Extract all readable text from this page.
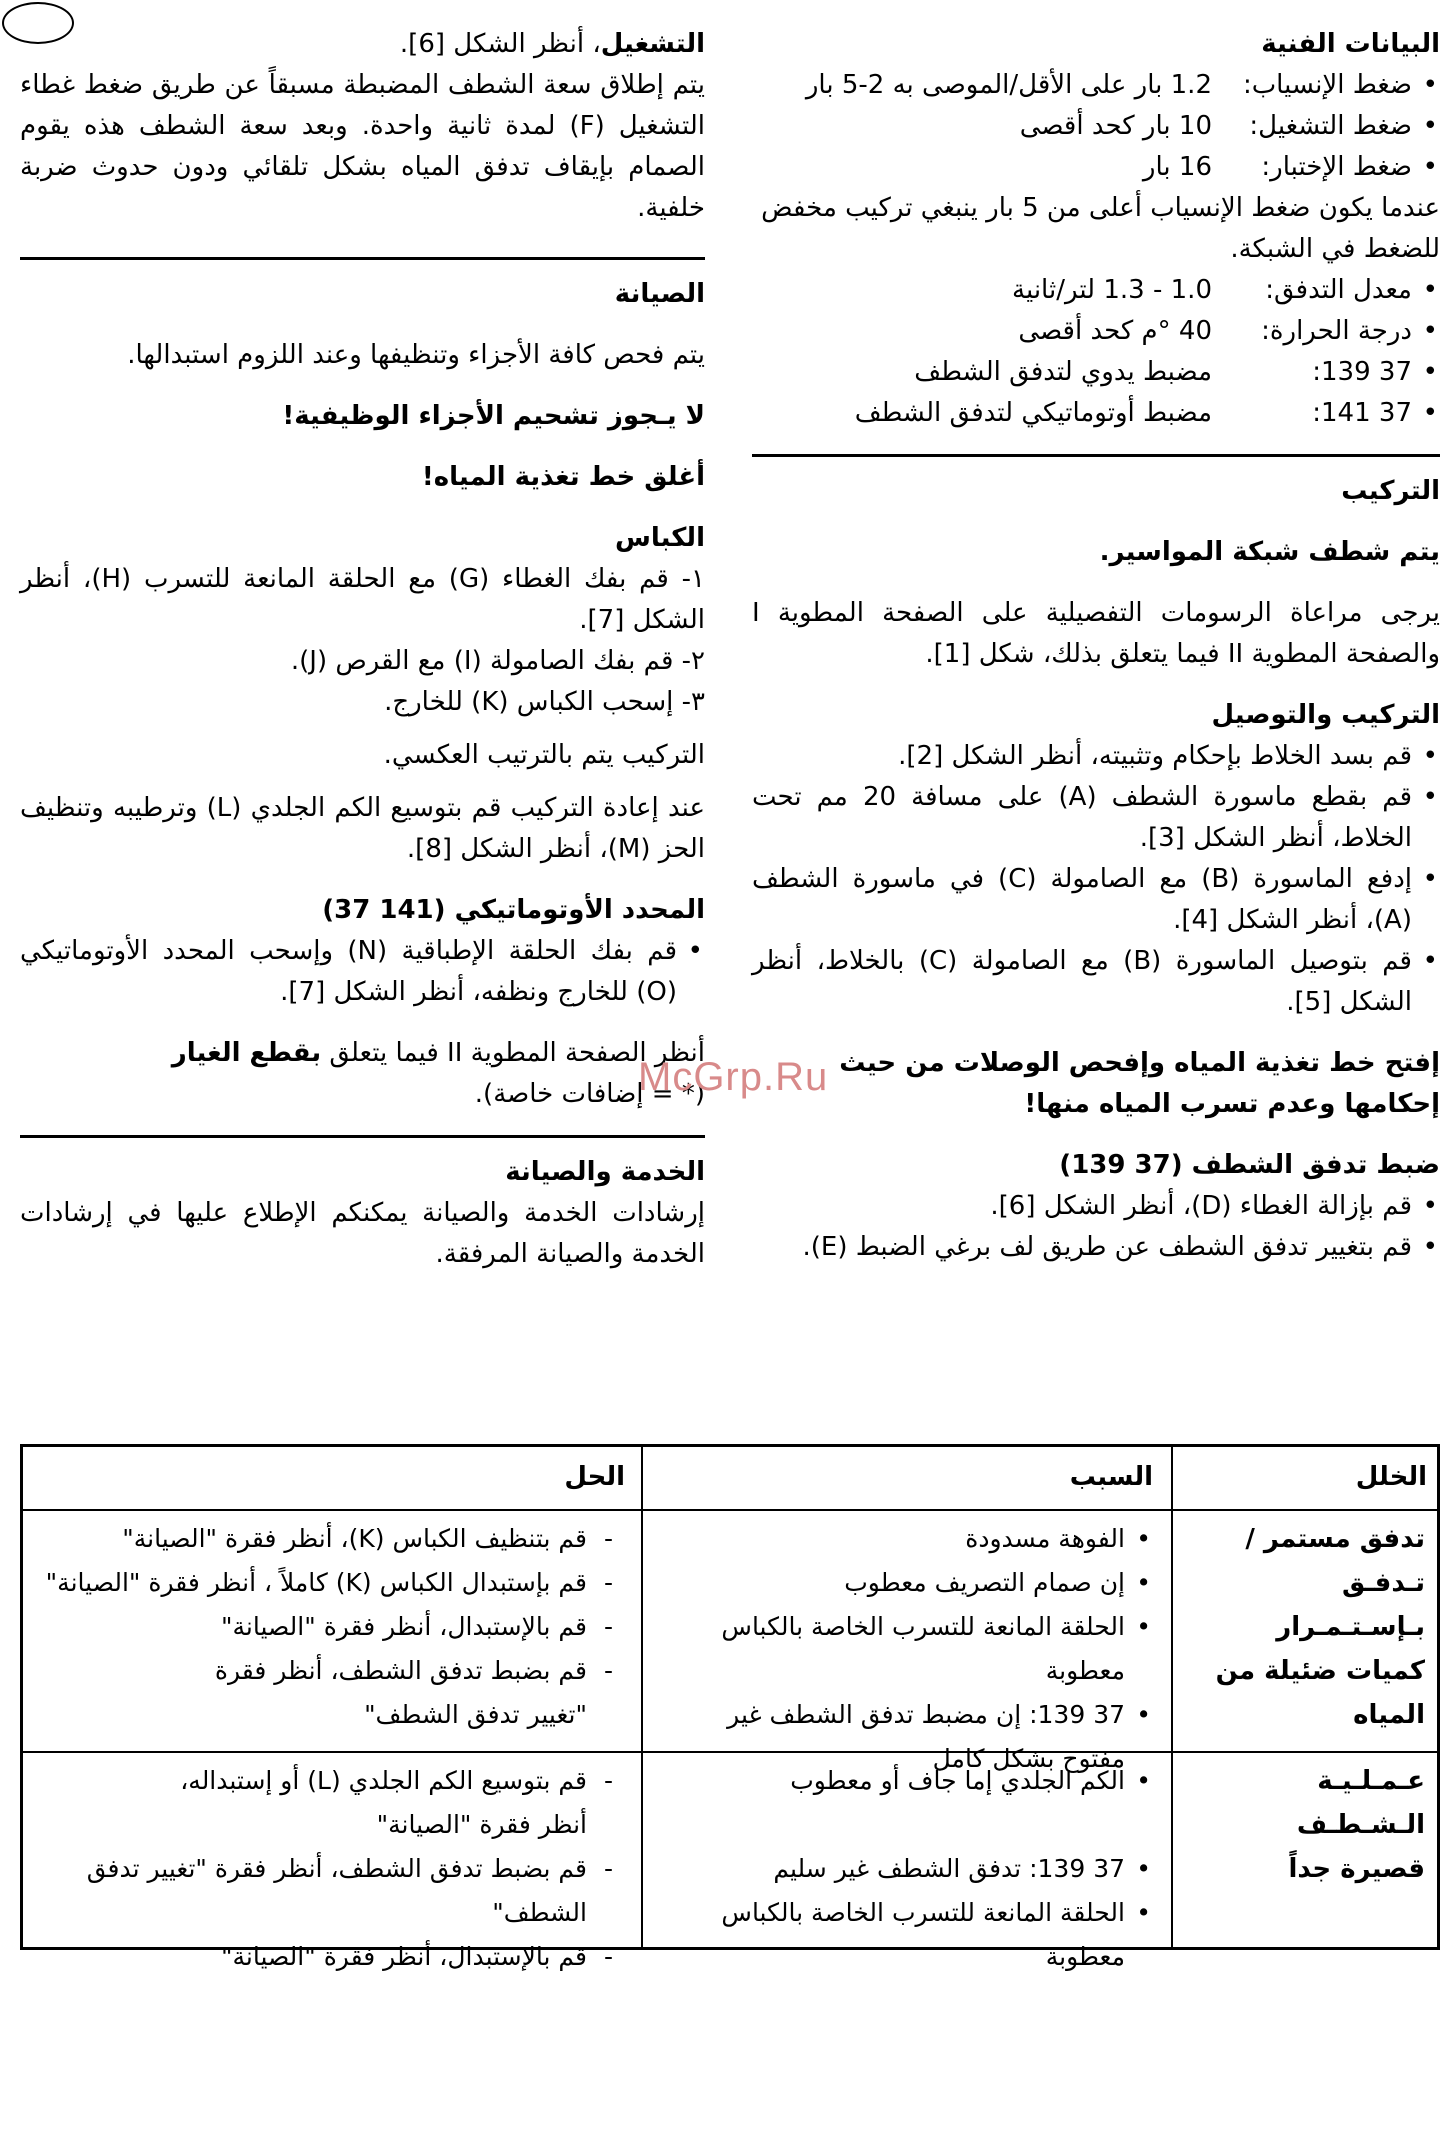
البيانات الفنية

• ضغط الإنسياب:
1.2 بار على الأقل/الموصى به 2-5 بار
• ضغط التشغيل:
10 بار كحد أقصى
• ضغط الإختبار:
16 بار

عندما يكون ضغط الإنسياب أعلى من 5 بار ينبغي تركيب مخفض للضغط في الشبكة.

• معدل التدفق:
1.0 - 1.3 لتر/ثانية
• درجة الحرارة:
40 °م كحد أقصى
• 37 139:
مضبط يدوي لتدفق الشطف
• 37 141:
مضبط أوتوماتيكي لتدفق الشطف

التركيب

يتم شطف شبكة المواسير.

يرجى مراعاة الرسومات التفصيلية على الصفحة المطوية I والصفحة المطوية II فيما يتعلق بذلك، شكل [1].

التركيب والتوصيل

• قم بسد الخلاط بإحكام وتثبيته، أنظر الشكل [2].
• قم بقطع ماسورة الشطف (A) على مسافة 20 مم تحت الخلاط، أنظر الشكل [3].
• إدفع الماسورة (B) مع الصامولة (C) في ماسورة الشطف (A)، أنظر الشكل [4].
• قم بتوصيل الماسورة (B) مع الصامولة (C) بالخلاط، أنظر الشكل [5].

إفتح خط تغذية المياه وإفحص الوصلات من حيث إحكامها وعدم تسرب المياه منها!

ضبط تدفق الشطف (37 139)

• قم بإزالة الغطاء (D)، أنظر الشكل [6].
• قم بتغيير تدفق الشطف عن طريق لف برغي الضبط (E).

التشغيل، أنظر الشكل [6].

يتم إطلاق سعة الشطف المضبطة مسبقاً عن طريق ضغط غطاء التشغيل (F) لمدة ثانية واحدة. وبعد سعة الشطف هذه يقوم الصمام بإيقاف تدفق المياه بشكل تلقائي ودون حدوث ضربة خلفية.

الصيانة

يتم فحص كافة الأجزاء وتنظيفها وعند اللزوم استبدالها.

لا يـجوز تشحيم الأجزاء الوظيفية!

أغلق خط تغذية المياه!

الكباس

١- قم بفك الغطاء (G) مع الحلقة المانعة للتسرب (H)، أنظر الشكل [7].

٢- قم بفك الصامولة (I) مع القرص (J).

٣- إسحب الكباس (K) للخارج.

التركيب يتم بالترتيب العكسي.

عند إعادة التركيب قم بتوسيع الكم الجلدي (L) وترطيبه وتنظيف الحز (M)، أنظر الشكل [8].

المحدد الأوتوماتيكي (141 37)

• قم بفك الحلقة الإطباقية (N) وإسحب المحدد الأوتوماتيكي (O) للخارج ونظفه، أنظر الشكل [7].

أنظر الصفحة المطوية II فيما يتعلق بقطع الغيار

(* = إضافات خاصة).

الخدمة والصيانة

إرشادات الخدمة والصيانة يمكنكم الإطلاع عليها في إرشادات الخدمة والصيانة المرفقة.

McGrp.Ru
الخلل
السبب
الحل

تدفق مستمر /

تـدفـق بـإسـتـمـرار

كميات ضئيلة من

المياه

• الفوهة مسدودة

• إن صمام التصريف معطوب

• الحلقة المانعة للتسرب الخاصة بالكباس معطوبة

• 37 139: إن مضبط تدفق الشطف غير

مفتوح بشكل كامل

- قم بتنظيف الكباس (K)، أنظر فقرة "الصيانة"

- قم بإستبدال الكباس (K) كاملاً ، أنظر فقرة "الصيانة"

- قم بالإستبدال، أنظر فقرة "الصيانة"

- قم بضبط تدفق الشطف، أنظر فقرة

"تغيير تدفق الشطف"

عـمـلـيـة الـشـطـف

قصيرة جداً

• الكم الجلدي إما جاف أو معطوب

• 37 139: تدفق الشطف غير سليم

• الحلقة المانعة للتسرب الخاصة بالكباس معطوبة

- قم بتوسيع الكم الجلدي (L) أو إستبداله،

أنظر فقرة "الصيانة"

- قم بضبط تدفق الشطف، أنظر فقرة "تغيير تدفق الشطف"

- قم بالإستبدال، أنظر فقرة "الصيانة"
